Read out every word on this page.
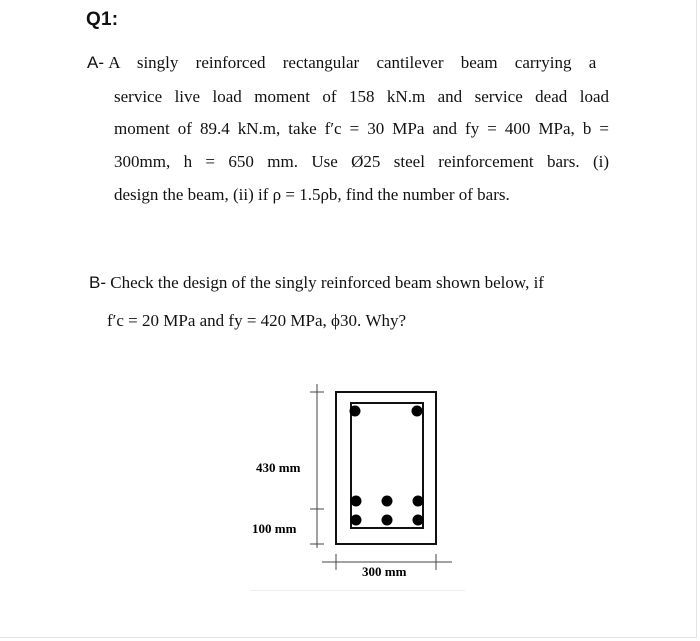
Q1:
A- A singly reinforced rectangular cantilever beam carrying a
service live load moment of 158 kN.m and service dead load
moment of 89.4 kN.m, take f′c = 30 MPa and fy = 400 MPa, b =
300mm, h = 650 mm. Use Ø25 steel reinforcement bars. (i)
design the beam, (ii) if ρ = 1.5ρb, find the number of bars.
B- Check the design of the singly reinforced beam shown below, if
f′c = 20 MPa and fy = 420 MPa, ϕ30. Why?
430 mm
100 mm
300 mm
